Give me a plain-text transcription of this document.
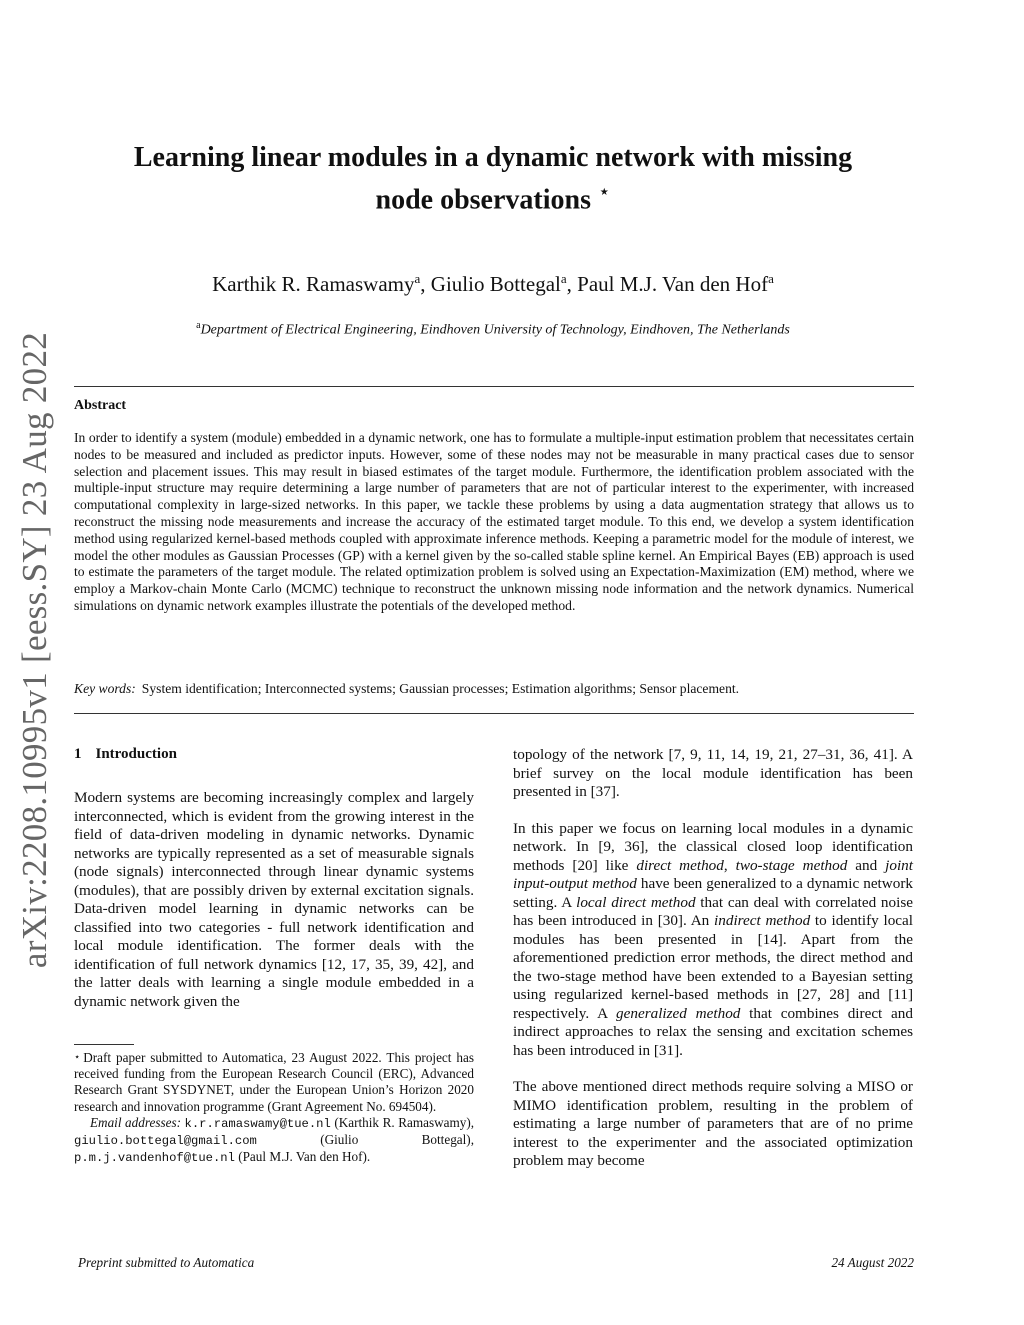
arXiv:2208.10995v1 [eess.SY] 23 Aug 2022
Learning linear modules in a dynamic network with missing
node observations ⋆
Karthik R. Ramaswamy$^a$, Giulio Bottegal$^a$, Paul M.J. Van den Hof$^a$
$^a$Department of Electrical Engineering, Eindhoven University of Technology, Eindhoven, The Netherlands
Abstract
In order to identify a system (module) embedded in a dynamic network, one has to formulate a multiple-input estimation problem that necessitates certain nodes to be measured and included as predictor inputs. However, some of these nodes may not be measurable in many practical cases due to sensor selection and placement issues. This may result in biased estimates of the target module. Furthermore, the identification problem associated with the multiple-input structure may require determining a large number of parameters that are not of particular interest to the experimenter, with increased computational complexity in large-sized networks. In this paper, we tackle these problems by using a data augmentation strategy that allows us to reconstruct the missing node measurements and increase the accuracy of the estimated target module. To this end, we develop a system identification method using regularized kernel-based methods coupled with approximate inference methods. Keeping a parametric model for the module of interest, we model the other modules as Gaussian Processes (GP) with a kernel given by the so-called stable spline kernel. An Empirical Bayes (EB) approach is used to estimate the parameters of the target module. The related optimization problem is solved using an Expectation-Maximization (EM) method, where we employ a Markov-chain Monte Carlo (MCMC) technique to reconstruct the unknown missing node information and the network dynamics. Numerical simulations on dynamic network examples illustrate the potentials of the developed method.
Key words: System identification; Interconnected systems; Gaussian processes; Estimation algorithms; Sensor placement.
1 Introduction

Modern systems are becoming increasingly complex and largely interconnected, which is evident from the growing interest in the field of data-driven modeling in dynamic networks. Dynamic networks are typically represented as a set of measurable signals (node signals) interconnected through linear dynamic systems (modules), that are possibly driven by external excitation signals. Data-driven model learning in dynamic networks can be classified into two categories - full network identification and local module identification. The former deals with the identification of full network dynamics [12, 17, 35, 39, 42], and the latter deals with learning a single module embedded in a dynamic network given the

⋆ Draft paper submitted to Automatica, 23 August 2022. This project has received funding from the European Research Council (ERC), Advanced Research Grant SYSDYNET, under the European Union’s Horizon 2020 research and innovation programme (Grant Agreement No. 694504).

Email addresses: k.r.ramaswamy@tue.nl (Karthik R. Ramaswamy), giulio.bottegal@gmail.com	(Giulio Bottegal), p.m.j.vandenhof@tue.nl (Paul M.J. Van den Hof).

topology of the network [7, 9, 11, 14, 19, 21, 27–31, 36, 41]. A brief survey on the local module identification has been presented in [37].

In this paper we focus on learning local modules in a dynamic network. In [9, 36], the classical closed loop identification methods [20] like direct method, two-stage method and joint input-output method have been generalized to a dynamic network setting. A local direct method that can deal with correlated noise has been introduced in [30]. An indirect method to identify local modules has been presented in [14]. Apart from the aforementioned prediction error methods, the direct method and the two-stage method have been extended to a Bayesian setting using regularized kernel-based methods in [27, 28] and [11] respectively. A generalized method that combines direct and indirect approaches to relax the sensing and excitation schemes has been introduced in [31].

The above mentioned direct methods require solving a MISO or MIMO identification problem, resulting in the problem of estimating a large number of parameters that are of no prime interest to the experimenter and the associated optimization problem may become

Preprint submitted to Automatica	24 August 2022
